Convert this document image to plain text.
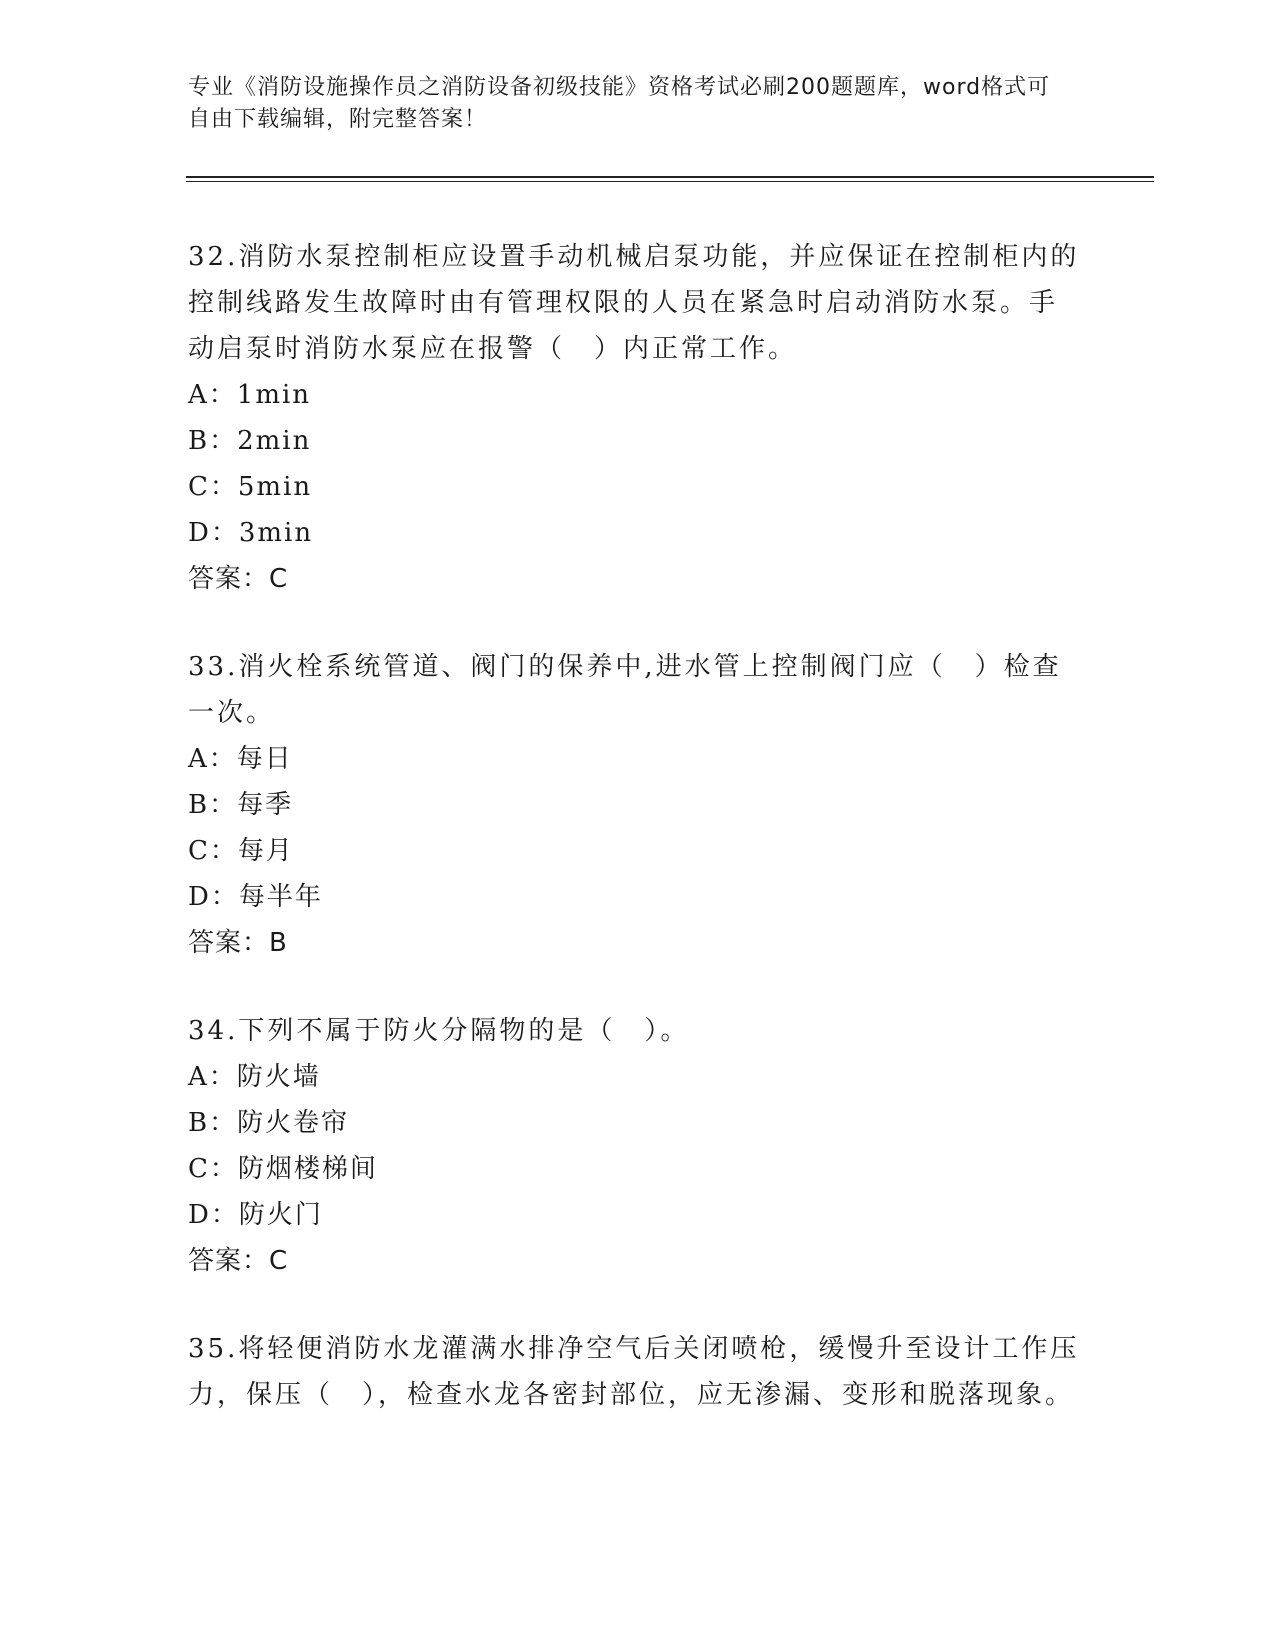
专业《消防设施操作员之消防设备初级技能》资格考试必刷200题题库，word格式可自由下载编辑，附完整答案！

32.消防水泵控制柜应设置手动机械启泵功能，并应保证在控制柜内的控制线路发生故障时由有管理权限的人员在紧急时启动消防水泵。手动启泵时消防水泵应在报警（　）内正常工作。

A：1min

B：2min

C：5min

D：3min

答案：C

33.消火栓系统管道、阀门的保养中,进水管上控制阀门应（　）检查一次。

A：每日

B：每季

C：每月

D：每半年

答案：B

34.下列不属于防火分隔物的是（　）。

A：防火墙

B：防火卷帘

C：防烟楼梯间

D：防火门

答案：C

35.将轻便消防水龙灌满水排净空气后关闭喷枪，缓慢升至设计工作压力，保压（　），检查水龙各密封部位，应无渗漏、变形和脱落现象。
